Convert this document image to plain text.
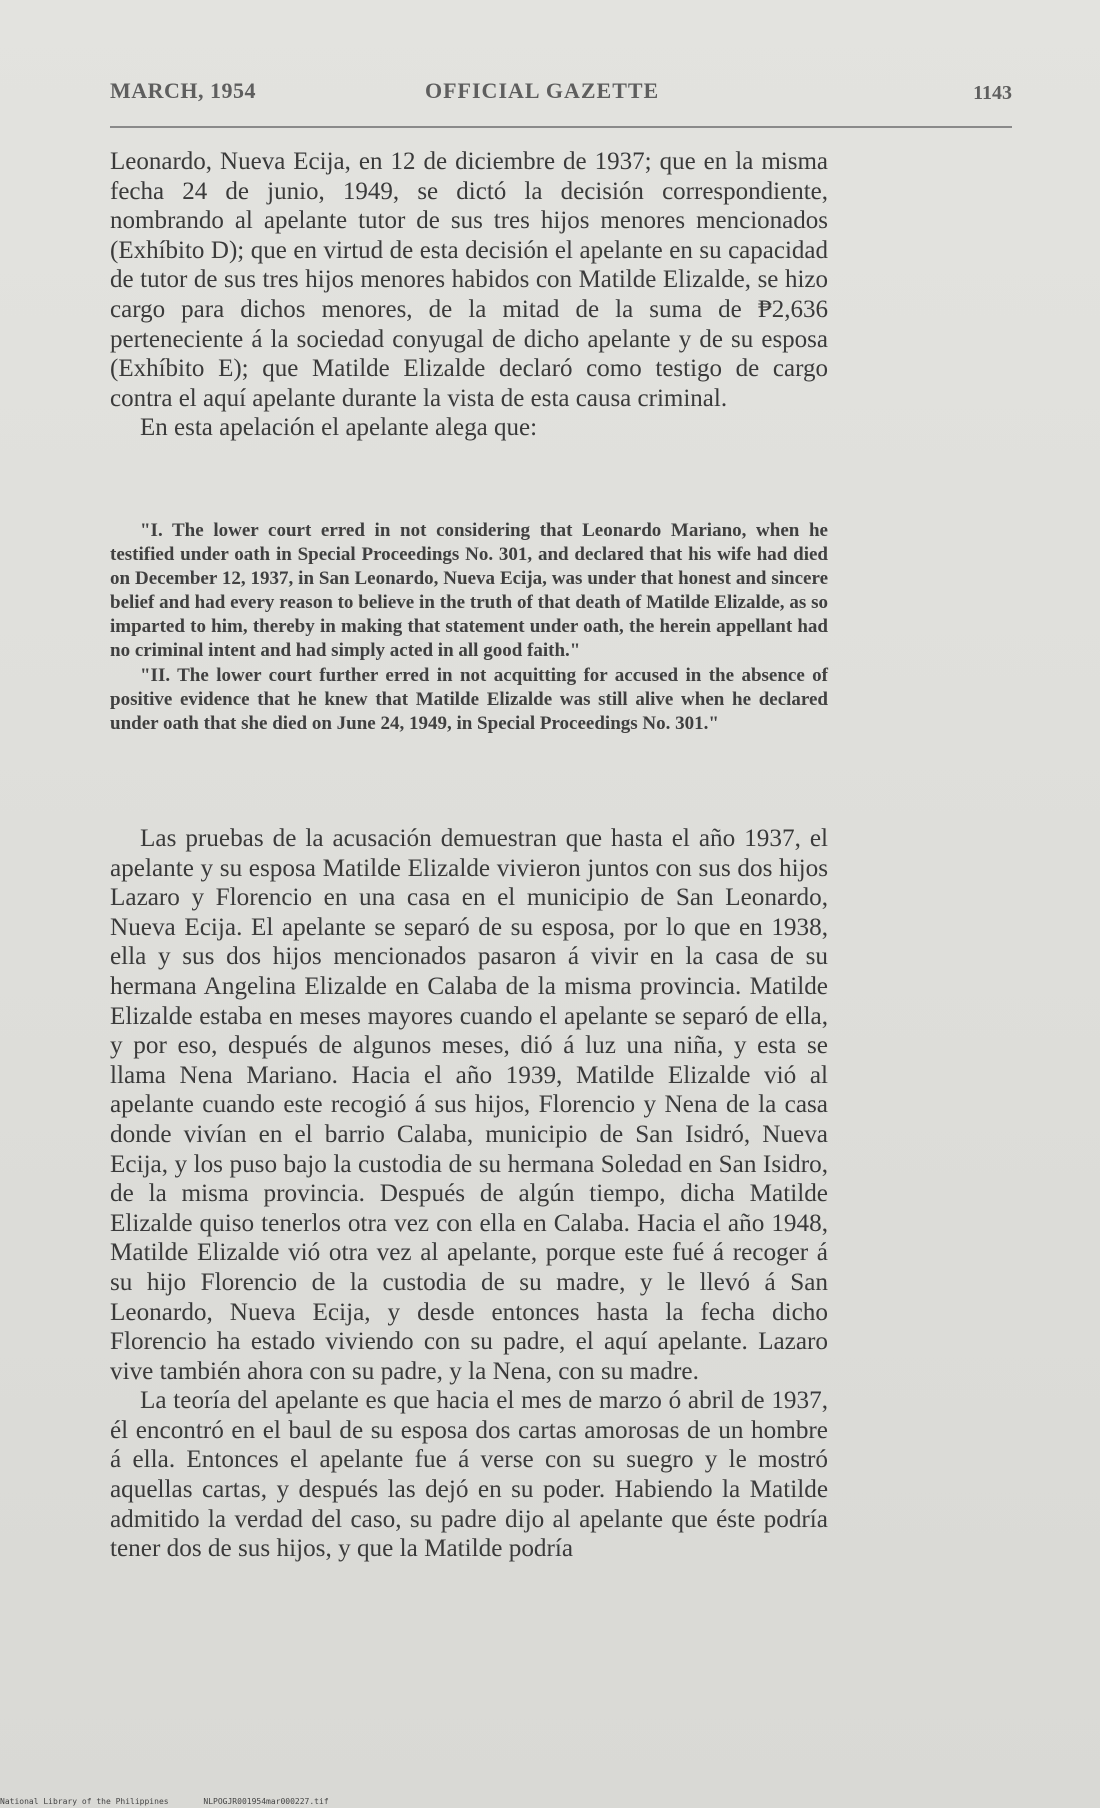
MARCH, 1954	OFFICIAL GAZETTE	1143

Leonardo, Nueva Ecija, en 12 de diciembre de 1937; que en la misma fecha 24 de junio, 1949, se dictó la decisión correspondiente, nombrando al apelante tutor de sus tres hijos menores mencionados (Exhíbito D); que en virtud de esta decisión el apelante en su capacidad de tutor de sus tres hijos menores habidos con Matilde Elizalde, se hizo cargo para dichos menores, de la mitad de la suma de ₱2,636 perteneciente á la sociedad conyugal de dicho apelante y de su esposa (Exhíbito E); que Matilde Elizalde declaró como testigo de cargo contra el aquí apelante durante la vista de esta causa criminal.

En esta apelación el apelante alega que:

"I. The lower court erred in not considering that Leonardo Mariano, when he testified under oath in Special Proceedings No. 301, and declared that his wife had died on December 12, 1937, in San Leonardo, Nueva Ecija, was under that honest and sincere belief and had every reason to believe in the truth of that death of Matilde Elizalde, as so imparted to him, thereby in making that statement under oath, the herein appellant had no criminal intent and had simply acted in all good faith."

"II. The lower court further erred in not acquitting for accused in the absence of positive evidence that he knew that Matilde Elizalde was still alive when he declared under oath that she died on June 24, 1949, in Special Proceedings No. 301."

Las pruebas de la acusación demuestran que hasta el año 1937, el apelante y su esposa Matilde Elizalde vivieron juntos con sus dos hijos Lazaro y Florencio en una casa en el municipio de San Leonardo, Nueva Ecija. El apelante se separó de su esposa, por lo que en 1938, ella y sus dos hijos mencionados pasaron á vivir en la casa de su hermana Angelina Elizalde en Calaba de la misma provincia. Matilde Elizalde estaba en meses mayores cuando el apelante se separó de ella, y por eso, después de algunos meses, dió á luz una niña, y esta se llama Nena Mariano. Hacia el año 1939, Matilde Elizalde vió al apelante cuando este recogió á sus hijos, Florencio y Nena de la casa donde vivían en el barrio Calaba, municipio de San Isidró, Nueva Ecija, y los puso bajo la custodia de su hermana Soledad en San Isidro, de la misma provincia. Después de algún tiempo, dicha Matilde Elizalde quiso tenerlos otra vez con ella en Calaba. Hacia el año 1948, Matilde Elizalde vió otra vez al apelante, porque este fué á recoger á su hijo Florencio de la custodia de su madre, y le llevó á San Leonardo, Nueva Ecija, y desde entonces hasta la fecha dicho Florencio ha estado viviendo con su padre, el aquí apelante. Lazaro vive también ahora con su padre, y la Nena, con su madre.

La teoría del apelante es que hacia el mes de marzo ó abril de 1937, él encontró en el baul de su esposa dos cartas amorosas de un hombre á ella. Entonces el apelante fue á verse con su suegro y le mostró aquellas cartas, y después las dejó en su poder. Habiendo la Matilde admitido la verdad del caso, su padre dijo al apelante que éste podría tener dos de sus hijos, y que la Matilde podría

National Library of the Philippines	NLPOGJR001954mar000227.tif
